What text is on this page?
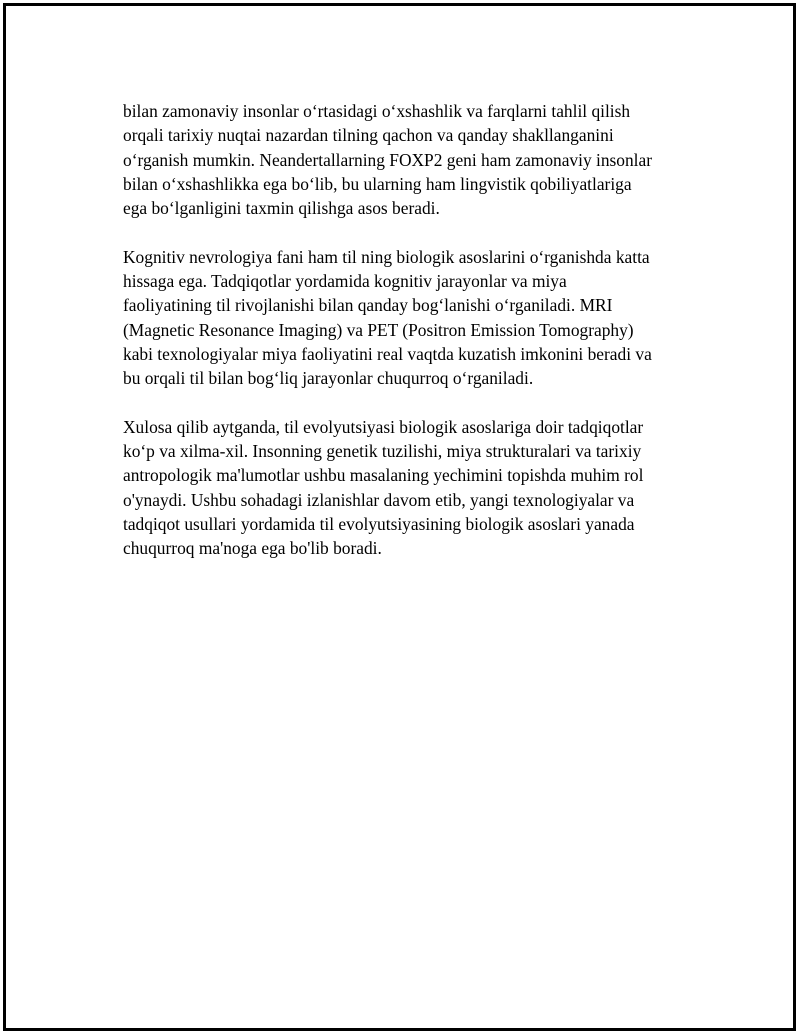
bilan zamonaviy insonlar oʻrtasidagi oʻxshashlik va farqlarni tahlil qilish
orqali tarixiy nuqtai nazardan tilning qachon va qanday shakllanganini
oʻrganish mumkin. Neandertallarning FOXP2 geni ham zamonaviy insonlar
bilan oʻxshashlikka ega boʻlib, bu ularning ham lingvistik qobiliyatlariga
ega boʻlganligini taxmin qilishga asos beradi.

Kognitiv nevrologiya fani ham til ning biologik asoslarini oʻrganishda katta
hissaga ega. Tadqiqotlar yordamida kognitiv jarayonlar va miya
faoliyatining til rivojlanishi bilan qanday bogʻlanishi oʻrganiladi. MRI
(Magnetic Resonance Imaging) va PET (Positron Emission Tomography)
kabi texnologiyalar miya faoliyatini real vaqtda kuzatish imkonini beradi va
bu orqali til bilan bogʻliq jarayonlar chuqurroq oʻrganiladi.

Xulosa qilib aytganda, til evolyutsiyasi biologik asoslariga doir tadqiqotlar
koʻp va xilma-xil. Insonning genetik tuzilishi, miya strukturalari va tarixiy
antropologik ma'lumotlar ushbu masalaning yechimini topishda muhim rol
o'ynaydi. Ushbu sohadagi izlanishlar davom etib, yangi texnologiyalar va
tadqiqot usullari yordamida til evolyutsiyasining biologik asoslari yanada
chuqurroq ma'noga ega bo'lib boradi.
